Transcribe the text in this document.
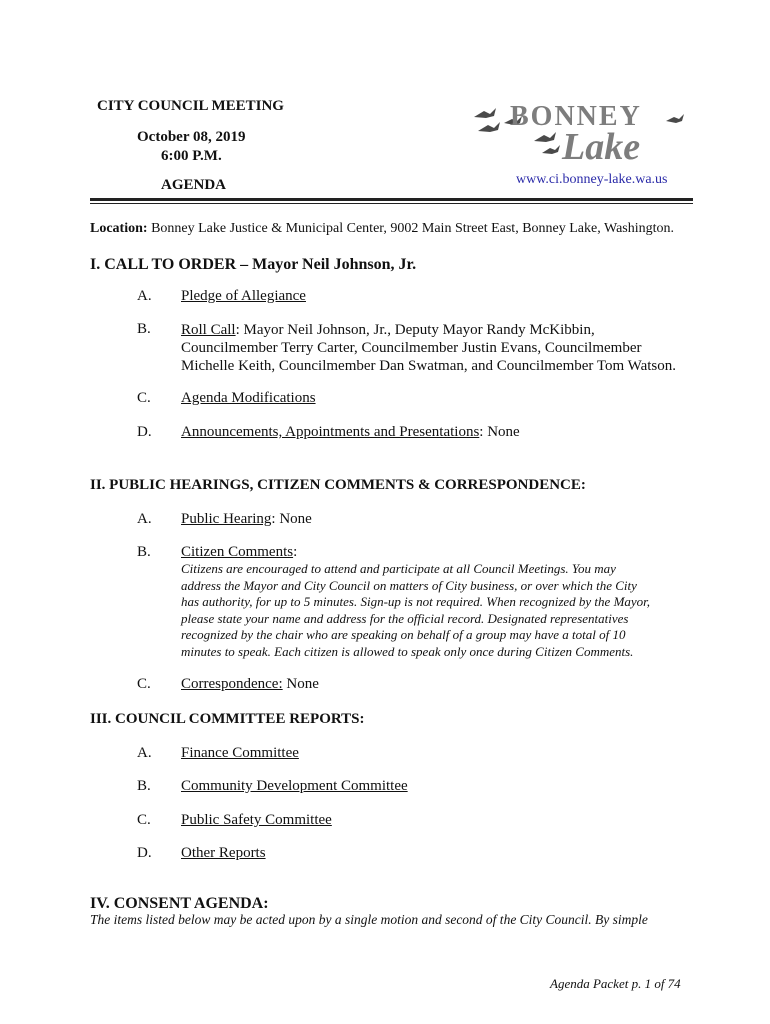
CITY COUNCIL MEETING
October 08, 2019
6:00 P.M.
AGENDA
BONNEY
Lake
www.ci.bonney-lake.wa.us
Location: Bonney Lake Justice & Municipal Center, 9002 Main Street East, Bonney Lake, Washington.
I. CALL TO ORDER – Mayor Neil Johnson, Jr.
A. Pledge of Allegiance
B. Roll Call: Mayor Neil Johnson, Jr., Deputy Mayor Randy McKibbin, Councilmember Terry Carter, Councilmember Justin Evans, Councilmember Michelle Keith, Councilmember Dan Swatman, and Councilmember Tom Watson.
C. Agenda Modifications
D. Announcements, Appointments and Presentations: None
II. PUBLIC HEARINGS, CITIZEN COMMENTS & CORRESPONDENCE:
A. Public Hearing: None
B. Citizen Comments:
Citizens are encouraged to attend and participate at all Council Meetings. You may
address the Mayor and City Council on matters of City business, or over which the City
has authority, for up to 5 minutes. Sign-up is not required. When recognized by the Mayor,
please state your name and address for the official record. Designated representatives
recognized by the chair who are speaking on behalf of a group may have a total of 10
minutes to speak. Each citizen is allowed to speak only once during Citizen Comments.
C. Correspondence: None
III. COUNCIL COMMITTEE REPORTS:
A. Finance Committee
B. Community Development Committee
C. Public Safety Committee
D. Other Reports
IV. CONSENT AGENDA:
The items listed below may be acted upon by a single motion and second of the City Council. By simple
Agenda Packet p. 1 of 74
